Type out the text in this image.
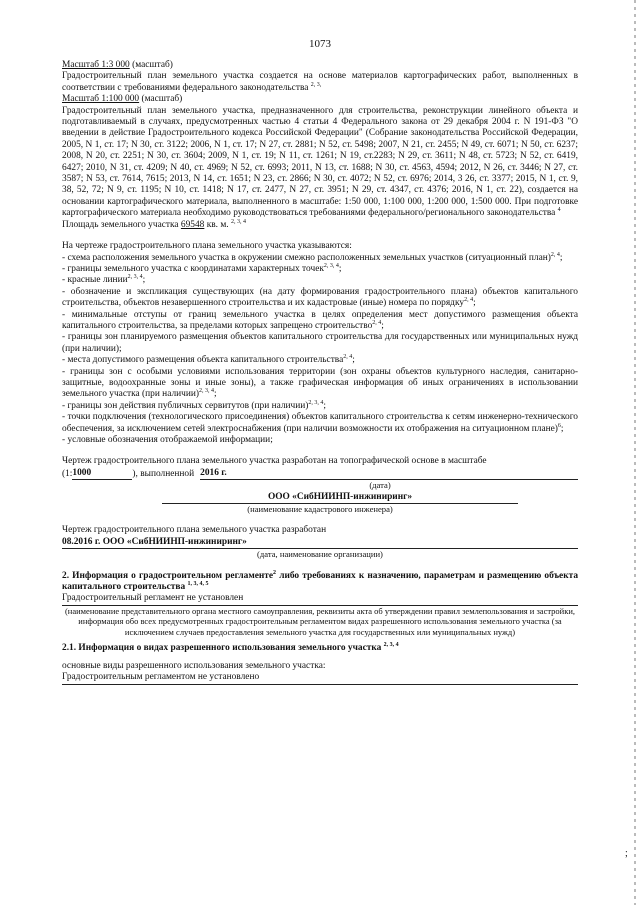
1073

Масштаб 1:3 000 (масштаб)

Градостроительный план земельного участка создается на основе материалов картографических работ, выполненных в соответствии с требованиями федерального законодательства $^{2, 3,}$

Масштаб 1:100 000 (масштаб)

Градостроительный план земельного участка, предназначенного для строительства, реконструкции линейного объекта и подготавливаемый в случаях, предусмотренных частью 4 статьи 4 Федерального закона от 29 декабря 2004 г. N 191-ФЗ "О введении в действие Градостроительного кодекса Российской Федерации" (Собрание законодательства Российской Федерации, 2005, N 1, ст. 17; N 30, ст. 3122; 2006, N 1, ст. 17; N 27, ст. 2881; N 52, ст. 5498; 2007, N 21, ст. 2455; N 49, ст. 6071; N 50, ст. 6237; 2008, N 20, ст. 2251; N 30, ст. 3604; 2009, N 1, ст. 19; N 11, ст. 1261; N 19, ст.2283; N 29, ст. 3611; N 48, ст. 5723; N 52, ст. 6419, 6427; 2010, N 31, ст. 4209; N 40, ст. 4969; N 52, ст. 6993; 2011, N 13, ст. 1688; N 30, ст. 4563, 4594; 2012, N 26, ст. 3446; N 27, ст. 3587; N 53, ст. 7614, 7615; 2013, N 14, ст. 1651; N 23, ст. 2866; N 30, ст. 4072; N 52, ст. 6976; 2014, 3 26, ст. 3377; 2015, N 1, ст. 9, 38, 52, 72; N 9, ст. 1195; N 10, ст. 1418; N 17, ст. 2477, N 27, ст. 3951; N 29, ст. 4347, ст. 4376; 2016, N 1, ст. 22), создается на основании картографического материала, выполненного в масштабе: 1:50 000, 1:100 000, 1:200 000, 1:500 000. При подготовке картографического материала необходимо руководствоваться требованиями федерального/регионального законодательства $^4$

Площадь земельного участка 69548 кв. м. $^{2, 3, 4}$

На чертеже градостроительного плана земельного участка указываются:

- схема расположения земельного участка в окружении смежно расположенных земельных участков (ситуационный план)$^{2, 4}$;

- границы земельного участка с координатами характерных точек$^{2, 3, 4}$;

- красные линии$^{2, 3, 4}$;

- обозначение и экспликация существующих (на дату формирования градостроительного плана) объектов капитального строительства, объектов незавершенного строительства и их кадастровые (иные) номера по порядку$^{2, 4}$;

- минимальные отступы от границ земельного участка в целях определения мест допустимого размещения объекта капитального строительства, за пределами которых запрещено строительство$^{2, 4}$;

- границы зон планируемого размещения объектов капитального строительства для государственных или муниципальных нужд (при наличии);

- места допустимого размещения объекта капитального строительства$^{2, 4}$;

- границы зон с особыми условиями использования территории (зон охраны объектов культурного наследия, санитарно-защитные, водоохранные зоны и иные зоны), а также графическая информация об иных ограничениях в использовании земельного участка (при наличии)$^{2, 3, 4}$;

- границы зон действия публичных сервитутов (при наличии)$^{2, 3, 4}$;

- точки подключения (технологического присоединения) объектов капитального строительства к сетям инженерно-технического обеспечения, за исключением сетей электроснабжения (при наличии возможности их отображения на ситуационном плане)$^6$;

- условные обозначения отображаемой информации;

Чертеж градостроительного плана земельного участка разработан на топографической основе в масштабе

(1: 1000	), выполненной 2016 г.

(дата)
ООО «СибНИИНП-инжиниринг»
(наименование кадастрового инженера)

Чертеж градостроительного плана земельного участка разработан

08.2016 г. ООО «СибНИИНП-инжиниринг»
(дата, наименование организации)

2. Информация о градостроительном регламенте$^2$ либо требованиях к назначению, параметрам и размещению объекта капитального строительства $^{1, 3, 4, 5}$

Градостроительный регламент не установлен
(наименование представительного органа местного самоуправления, реквизиты акта об утверждении правил землепользования и застройки, информация обо всех предусмотренных градостроительным регламентом видах разрешенного использования земельного участка (за исключением случаев предоставления земельного участка для государственных или муниципальных нужд)

2.1. Информация о видах разрешенного использования земельного участка $^{2, 3, 4}$

основные виды разрешенного использования земельного участка:

Градостроительным регламентом не установлено
;
